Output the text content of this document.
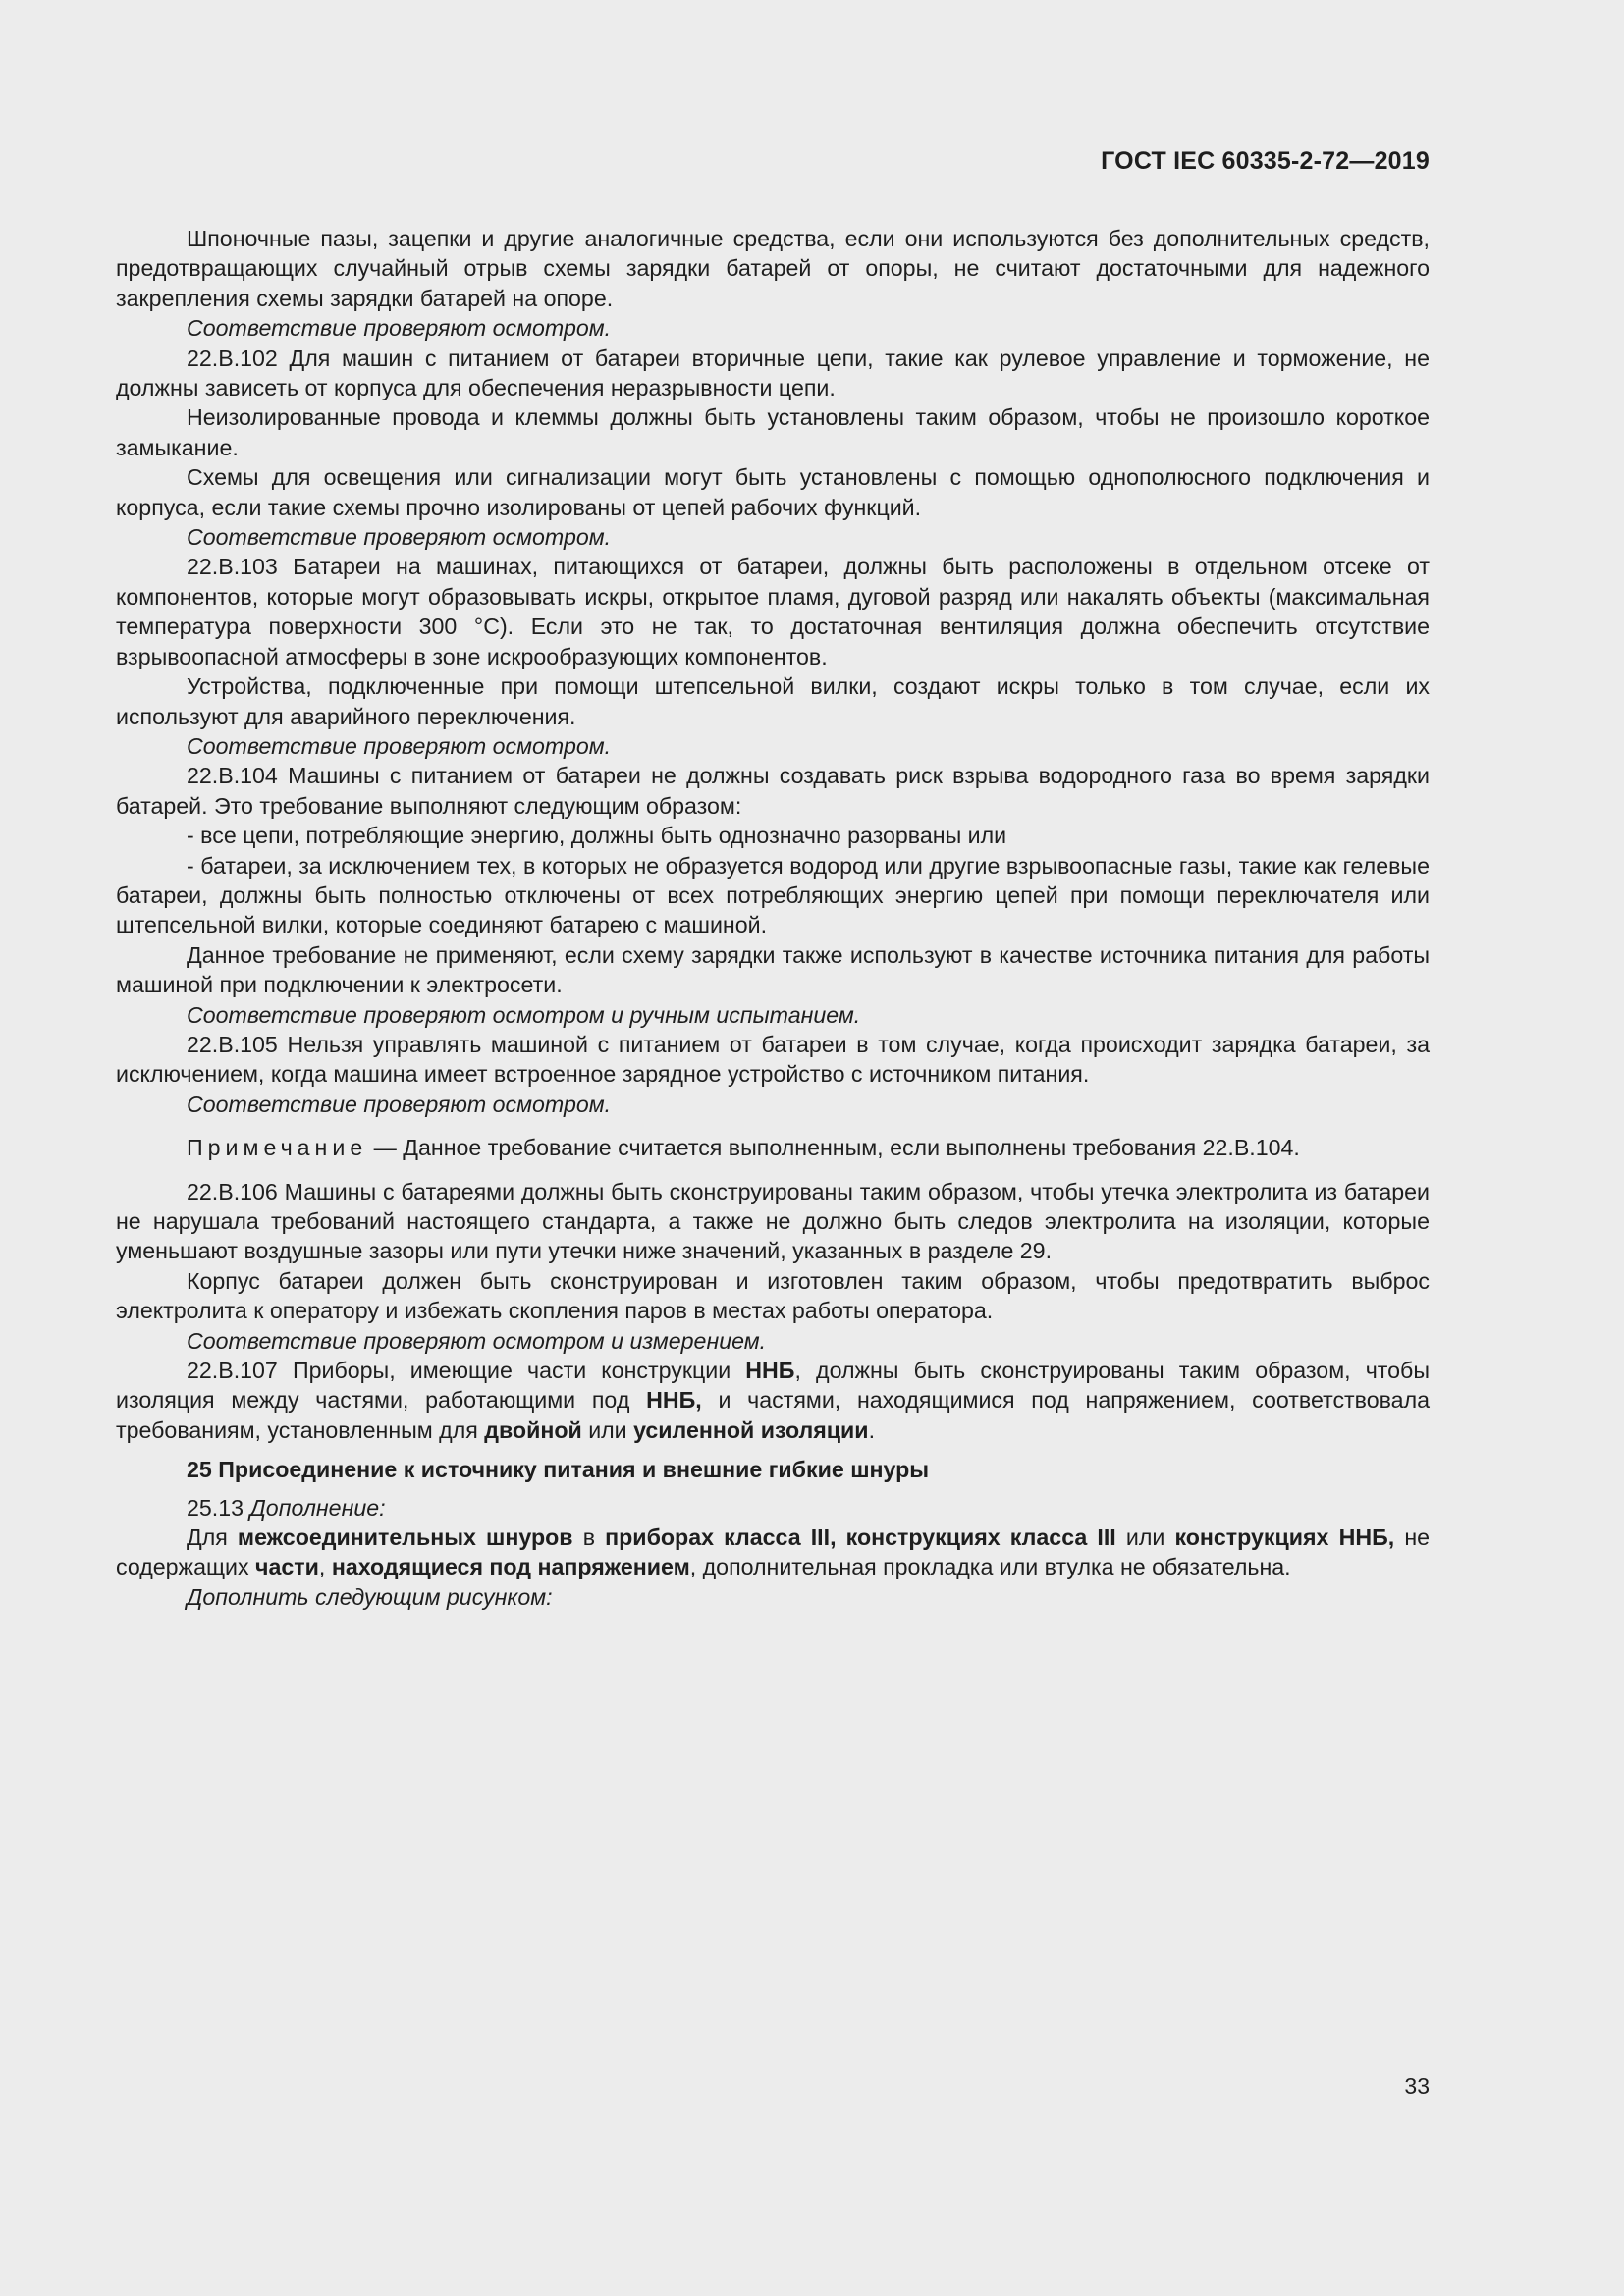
ГОСТ IEC 60335-2-72—2019

Шпоночные пазы, зацепки и другие аналогичные средства, если они используются без дополнительных средств, предотвращающих случайный отрыв схемы зарядки батарей от опоры, не считают достаточными для надежного закрепления схемы зарядки батарей на опоре.

Соответствие проверяют осмотром.

22.В.102 Для машин с питанием от батареи вторичные цепи, такие как рулевое управление и торможение, не должны зависеть от корпуса для обеспечения неразрывности цепи.

Неизолированные провода и клеммы должны быть установлены таким образом, чтобы не произошло короткое замыкание.

Схемы для освещения или сигнализации могут быть установлены с помощью однополюсного подключения и корпуса, если такие схемы прочно изолированы от цепей рабочих функций.

Соответствие проверяют осмотром.

22.В.103 Батареи на машинах, питающихся от батареи, должны быть расположены в отдельном отсеке от компонентов, которые могут образовывать искры, открытое пламя, дуговой разряд или накалять объекты (максимальная температура поверхности 300 °С). Если это не так, то достаточная вентиляция должна обеспечить отсутствие взрывоопасной атмосферы в зоне искрообразующих компонентов.

Устройства, подключенные при помощи штепсельной вилки, создают искры только в том случае, если их используют для аварийного переключения.

Соответствие проверяют осмотром.

22.В.104 Машины с питанием от батареи не должны создавать риск взрыва водородного газа во время зарядки батарей. Это требование выполняют следующим образом:

- все цепи, потребляющие энергию, должны быть однозначно разорваны или

- батареи, за исключением тех, в которых не образуется водород или другие взрывоопасные газы, такие как гелевые батареи, должны быть полностью отключены от всех потребляющих энергию цепей при помощи переключателя или штепсельной вилки, которые соединяют батарею с машиной.

Данное требование не применяют, если схему зарядки также используют в качестве источника питания для работы машиной при подключении к электросети.

Соответствие проверяют осмотром и ручным испытанием.

22.В.105 Нельзя управлять машиной с питанием от батареи в том случае, когда происходит зарядка батареи, за исключением, когда машина имеет встроенное зарядное устройство с источником питания.

Соответствие проверяют осмотром.

Примечание — Данное требование считается выполненным, если выполнены требования 22.В.104.

22.В.106 Машины с батареями должны быть сконструированы таким образом, чтобы утечка электролита из батареи не нарушала требований настоящего стандарта, а также не должно быть следов электролита на изоляции, которые уменьшают воздушные зазоры или пути утечки ниже значений, указанных в разделе 29.

Корпус батареи должен быть сконструирован и изготовлен таким образом, чтобы предотвратить выброс электролита к оператору и избежать скопления паров в местах работы оператора.

Соответствие проверяют осмотром и измерением.

22.В.107 Приборы, имеющие части конструкции ННБ, должны быть сконструированы таким образом, чтобы изоляция между частями, работающими под ННБ, и частями, находящимися под напряжением, соответствовала требованиям, установленным для двойной или усиленной изоляции.

25 Присоединение к источнику питания и внешние гибкие шнуры

25.13 Дополнение:

Для межсоединительных шнуров в приборах класса III, конструкциях класса III или конструкциях ННБ, не содержащих части, находящиеся под напряжением, дополнительная прокладка или втулка не обязательна.

Дополнить следующим рисунком:

33
